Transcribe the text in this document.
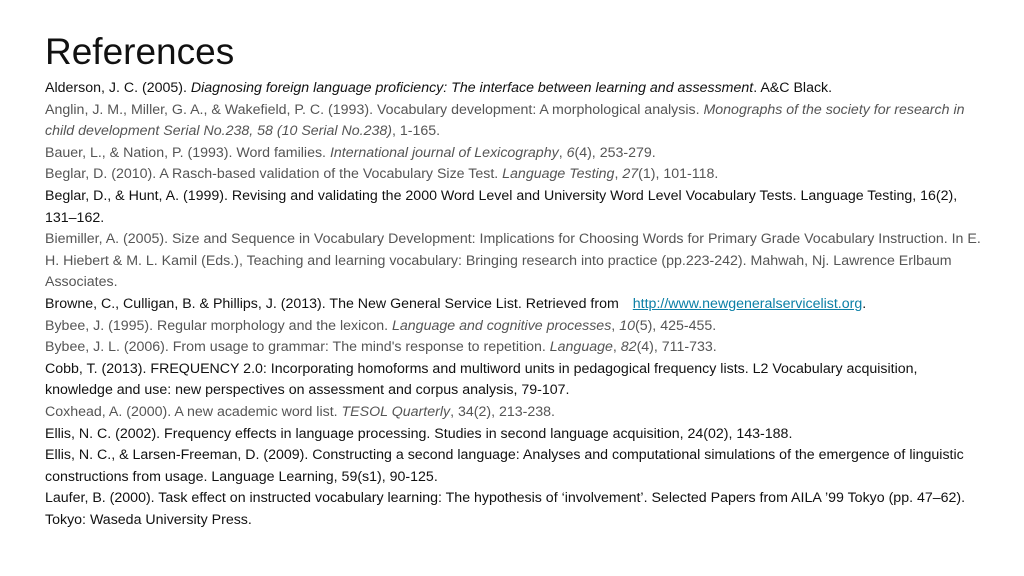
References
Alderson, J. C. (2005). Diagnosing foreign language proficiency: The interface between learning and assessment. A&C Black.
Anglin, J. M., Miller, G. A., & Wakefield, P. C. (1993). Vocabulary development: A morphological analysis. Monographs of the society for research in child development Serial No.238, 58 (10 Serial No.238), 1-165.
Bauer, L., & Nation, P. (1993). Word families. International journal of Lexicography, 6(4), 253-279.
Beglar, D. (2010). A Rasch-based validation of the Vocabulary Size Test. Language Testing, 27(1), 101-118.
Beglar, D., & Hunt, A. (1999). Revising and validating the 2000 Word Level and University Word Level Vocabulary Tests. Language Testing, 16(2), 131–162.
Biemiller, A. (2005). Size and Sequence in Vocabulary Development: Implications for Choosing Words for Primary Grade Vocabulary Instruction. In E. H. Hiebert & M. L. Kamil (Eds.), Teaching and learning vocabulary: Bringing research into practice (pp.223-242). Mahwah, Nj. Lawrence Erlbaum Associates.
Browne, C., Culligan, B. & Phillips, J. (2013). The New General Service List. Retrieved from http://www.newgeneralservicelist.org.
Bybee, J. (1995). Regular morphology and the lexicon. Language and cognitive processes, 10(5), 425-455.
Bybee, J. L. (2006). From usage to grammar: The mind's response to repetition. Language, 82(4), 711-733.
Cobb, T. (2013). FREQUENCY 2.0: Incorporating homoforms and multiword units in pedagogical frequency lists. L2 Vocabulary acquisition, knowledge and use: new perspectives on assessment and corpus analysis, 79-107.
Coxhead, A. (2000). A new academic word list. TESOL Quarterly, 34(2), 213-238.
Ellis, N. C. (2002). Frequency effects in language processing. Studies in second language acquisition, 24(02), 143-188.
Ellis, N. C., & Larsen-Freeman, D. (2009). Constructing a second language: Analyses and computational simulations of the emergence of linguistic constructions from usage. Language Learning, 59(s1), 90-125.
Laufer, B. (2000). Task effect on instructed vocabulary learning: The hypothesis of ‘involvement’. Selected Papers from AILA ’99 Tokyo (pp. 47–62). Tokyo: Waseda University Press.
